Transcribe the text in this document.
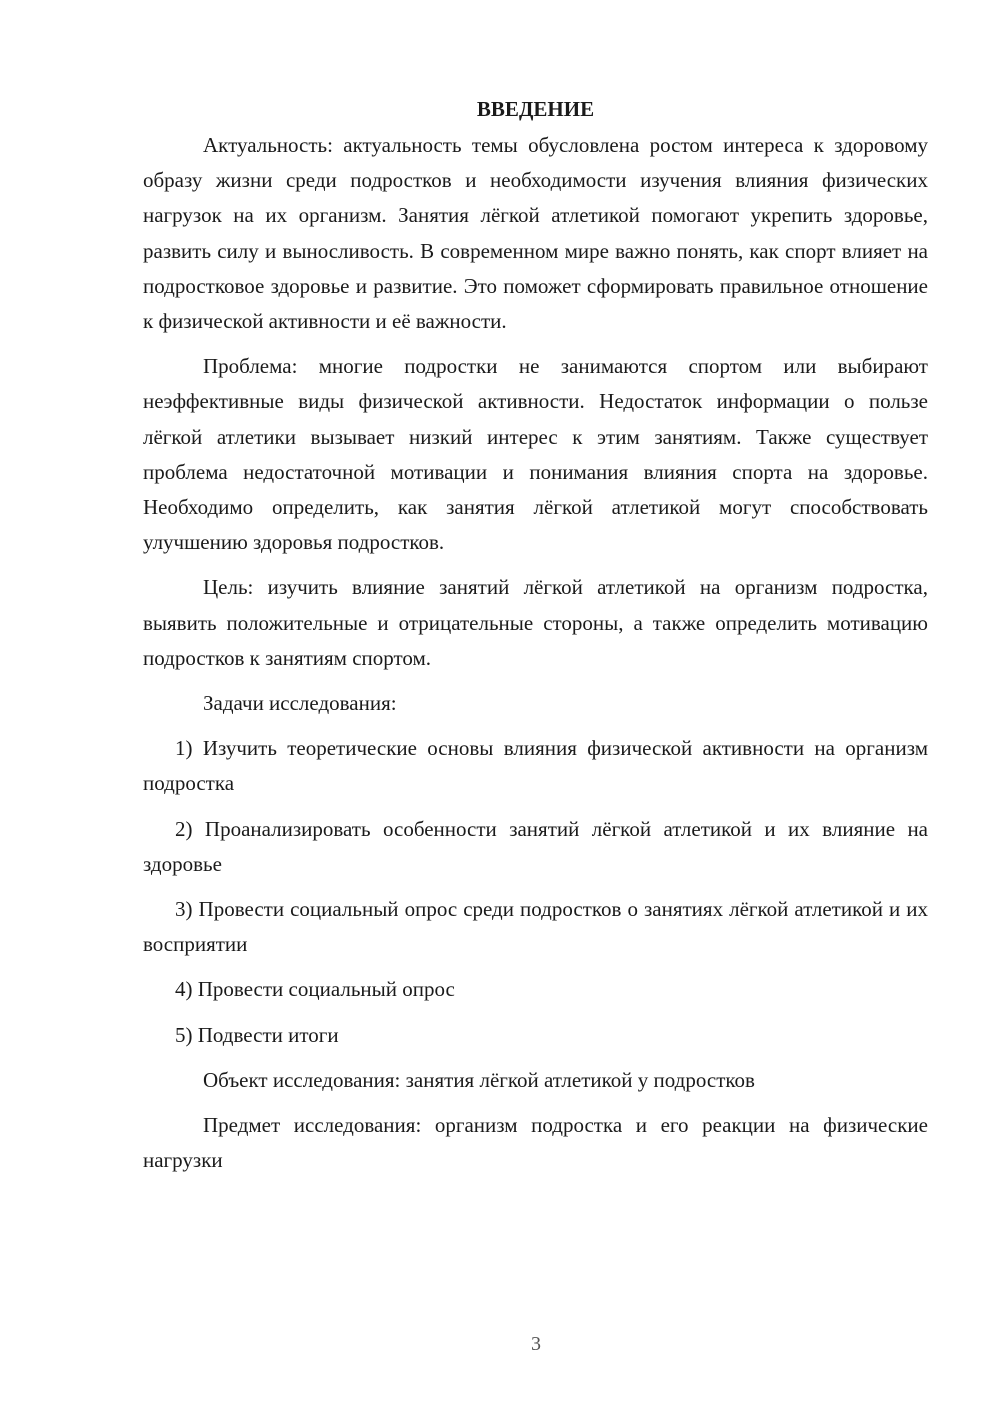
ВВЕДЕНИЕ

Актуальность: актуальность темы обусловлена ростом интереса к здоровому образу жизни среди подростков и необходимости изучения влияния физических нагрузок на их организм. Занятия лёгкой атлетикой помогают укрепить здоровье, развить силу и выносливость. В современном мире важно понять, как спорт влияет на подростковое здоровье и развитие. Это поможет сформировать правильное отношение к физической активности и её важности.

Проблема: многие подростки не занимаются спортом или выбирают неэффективные виды физической активности. Недостаток информации о пользе лёгкой атлетики вызывает низкий интерес к этим занятиям. Также существует проблема недостаточной мотивации и понимания влияния спорта на здоровье. Необходимо определить, как занятия лёгкой атлетикой могут способствовать улучшению здоровья подростков.

Цель: изучить влияние занятий лёгкой атлетикой на организм подростка, выявить положительные и отрицательные стороны, а также определить мотивацию подростков к занятиям спортом.

Задачи исследования:

1) Изучить теоретические основы влияния физической активности на организм подростка

2) Проанализировать особенности занятий лёгкой атлетикой и их влияние на здоровье

3) Провести социальный опрос среди подростков о занятиях лёгкой атлетикой и их восприятии

4) Провести социальный опрос

5) Подвести итоги

Объект исследования: занятия лёгкой атлетикой у подростков

Предмет исследования: организм подростка и его реакции на физические нагрузки

3
